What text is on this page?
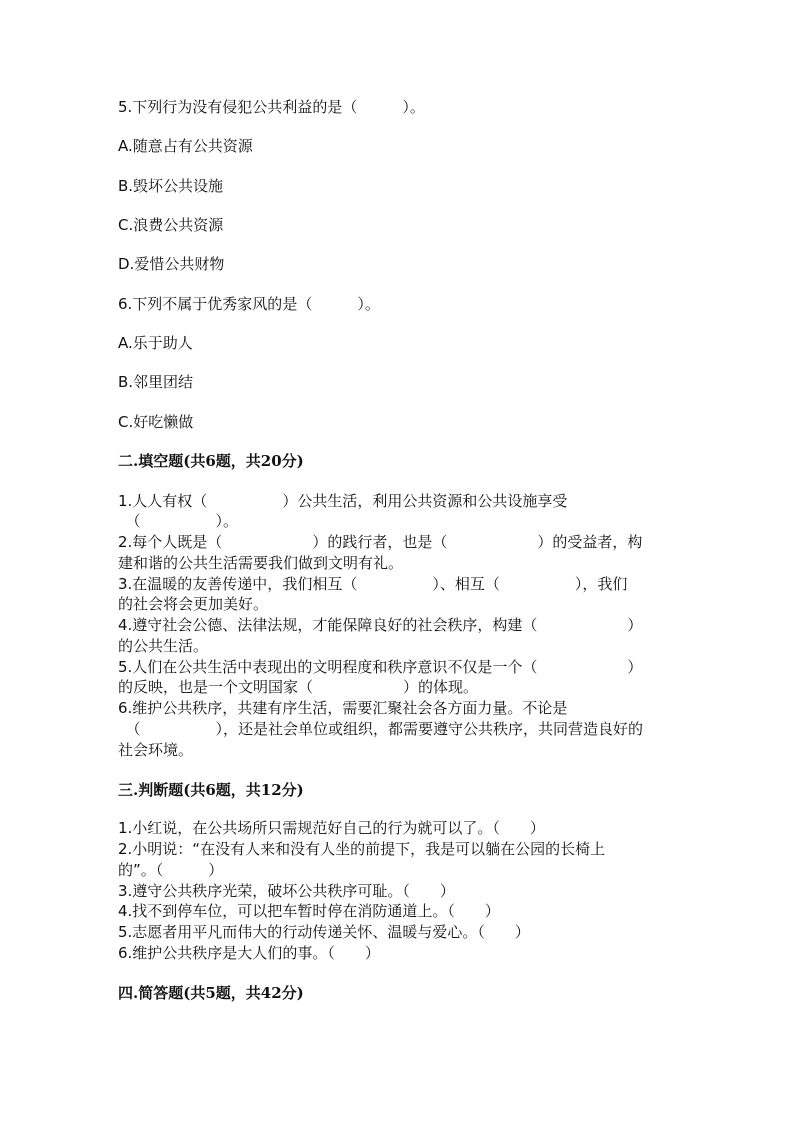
5.下列行为没有侵犯公共利益的是（　　　）。
A.随意占有公共资源
B.毁坏公共设施
C.浪费公共资源
D.爱惜公共财物
6.下列不属于优秀家风的是（　　　）。
A.乐于助人
B.邻里团结
C.好吃懒做
二.填空题(共6题，共20分)
1.人人有权（　　　　　）公共生活，利用公共资源和公共设施享受
　（　　　　　）。
2.每个人既是（　　　　　　）的践行者，也是（　　　　　　）的受益者，构
建和谐的公共生活需要我们做到文明有礼。
3.在温暖的友善传递中，我们相互（　　　　　）、相互（　　　　　），我们
的社会将会更加美好。
4.遵守社会公德、法律法规，才能保障良好的社会秩序，构建（　　　　　　）
的公共生活。
5.人们在公共生活中表现出的文明程度和秩序意识不仅是一个（　　　　　　）
的反映，也是一个文明国家（　　　　　　）的体现。
6.维护公共秩序，共建有序生活，需要汇聚社会各方面力量。不论是
　（　　　　　），还是社会单位或组织，都需要遵守公共秩序，共同营造良好的
社会环境。
三.判断题(共6题，共12分)
1.小红说，在公共场所只需规范好自己的行为就可以了。（　　）
2.小明说：“在没有人来和没有人坐的前提下，我是可以躺在公园的长椅上
的”。（　　　）
3.遵守公共秩序光荣，破坏公共秩序可耻。（　　）
4.找不到停车位，可以把车暂时停在消防通道上。（　　）
5.志愿者用平凡而伟大的行动传递关怀、温暖与爱心。（　　）
6.维护公共秩序是大人们的事。（　　）
四.简答题(共5题，共42分)
